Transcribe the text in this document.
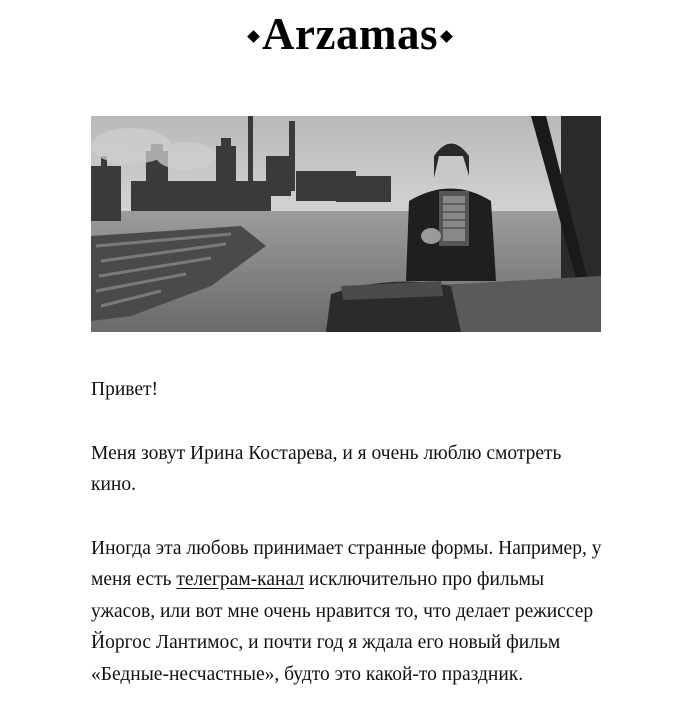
Arzamas

Привет!

Меня зовут Ирина Костарева, и я очень люблю смотреть кино.

Иногда эта любовь принимает странные формы. Например, у меня есть телеграм-канал исключительно про фильмы ужасов, или вот мне очень нравится то, что делает режиссер Йоргос Лантимос, и почти год я ждала его новый фильм «Бедные-несчастные», будто это какой-то праздник.
